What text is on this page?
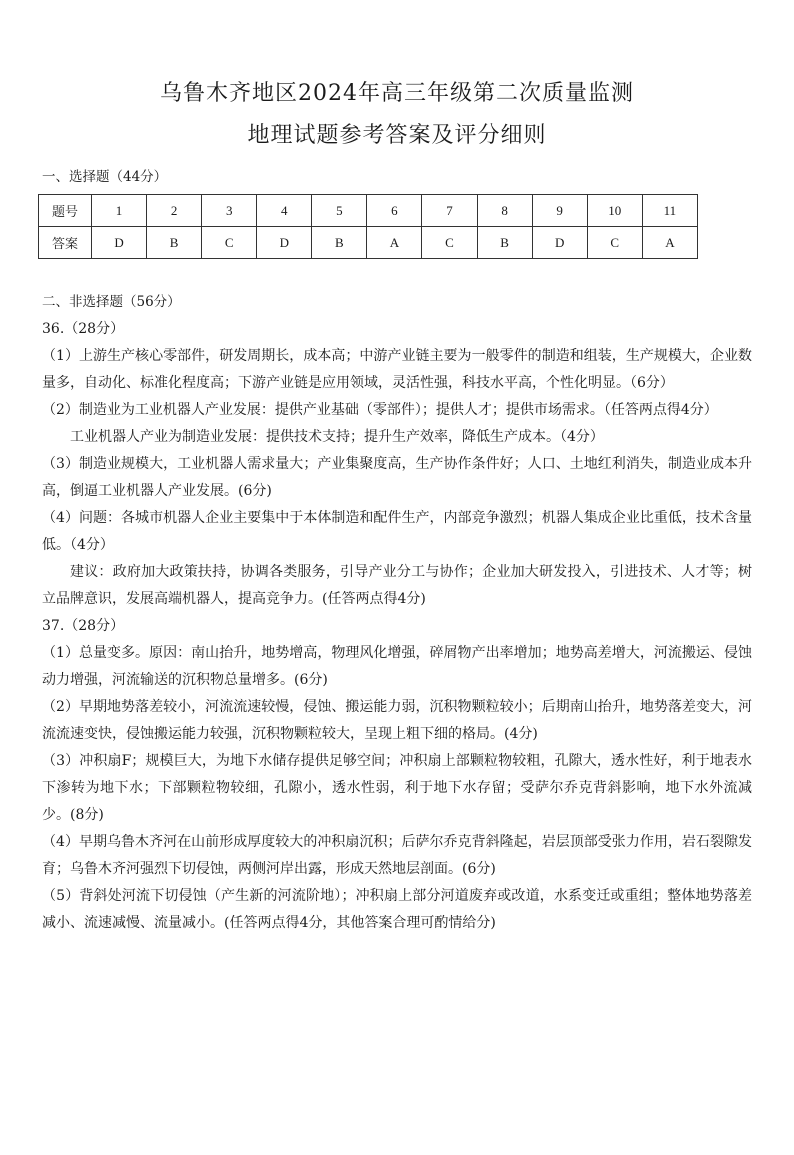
乌鲁木齐地区2024年高三年级第二次质量监测
地理试题参考答案及评分细则
一、选择题（44分）
题号	1	2	3	4	5	6	7	8	9	10	11
答案	D	B	C	D	B	A	C	B	D	C	A
二、非选择题（56分）

36.（28分）

（1）上游生产核心零部件，研发周期长，成本高；中游产业链主要为一般零件的制造和组装，生产规模大，企业数量多，自动化、标准化程度高；下游产业链是应用领域，灵活性强，科技水平高，个性化明显。（6分）

（2）制造业为工业机器人产业发展：提供产业基础（零部件）；提供人才；提供市场需求。（任答两点得4分）

工业机器人产业为制造业发展：提供技术支持；提升生产效率，降低生产成本。（4分）

（3）制造业规模大，工业机器人需求量大；产业集聚度高，生产协作条件好；人口、土地红利消失，制造业成本升高，倒逼工业机器人产业发展。(6分)

（4）问题：各城市机器人企业主要集中于本体制造和配件生产，内部竞争激烈；机器人集成企业比重低，技术含量低。（4分）

建议：政府加大政策扶持，协调各类服务，引导产业分工与协作；企业加大研发投入，引进技术、人才等；树立品牌意识，发展高端机器人，提高竞争力。(任答两点得4分)

37.（28分）

（1）总量变多。原因：南山抬升，地势增高，物理风化增强，碎屑物产出率增加；地势高差增大，河流搬运、侵蚀动力增强，河流输送的沉积物总量增多。(6分)

（2）早期地势落差较小，河流流速较慢，侵蚀、搬运能力弱，沉积物颗粒较小；后期南山抬升，地势落差变大，河流流速变快，侵蚀搬运能力较强，沉积物颗粒较大，呈现上粗下细的格局。(4分)

（3）冲积扇F；规模巨大，为地下水储存提供足够空间；冲积扇上部颗粒物较粗，孔隙大，透水性好，利于地表水下渗转为地下水；下部颗粒物较细，孔隙小，透水性弱，利于地下水存留；受萨尔乔克背斜影响，地下水外流减少。(8分)

（4）早期乌鲁木齐河在山前形成厚度较大的冲积扇沉积；后萨尔乔克背斜隆起，岩层顶部受张力作用，岩石裂隙发育；乌鲁木齐河强烈下切侵蚀，两侧河岸出露，形成天然地层剖面。(6分)

（5）背斜处河流下切侵蚀（产生新的河流阶地）；冲积扇上部分河道废弃或改道，水系变迁或重组；整体地势落差减小、流速减慢、流量减小。(任答两点得4分，其他答案合理可酌情给分)
